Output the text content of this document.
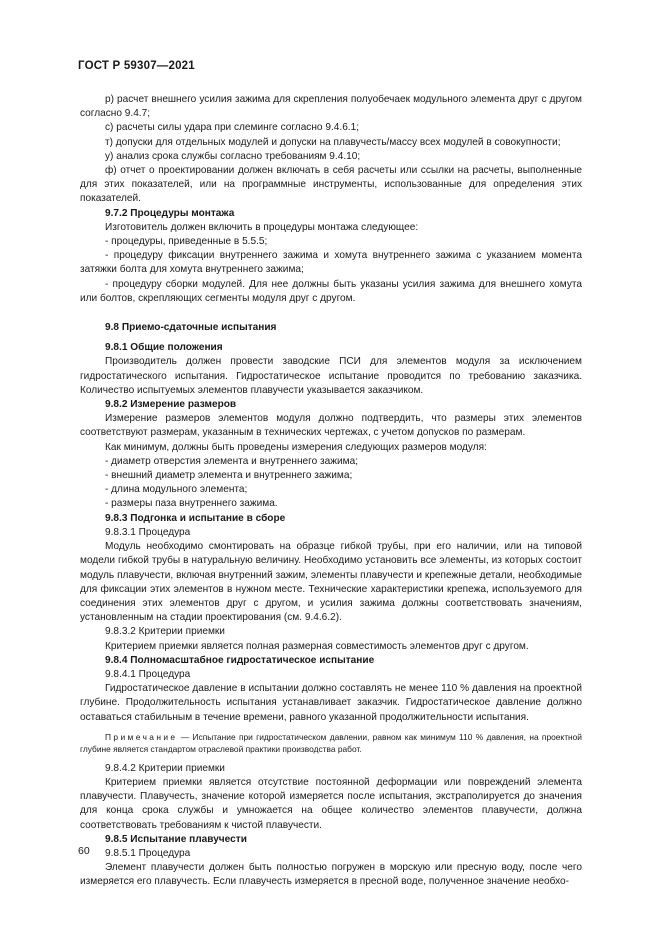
ГОСТ Р 59307—2021

р) расчет внешнего усилия зажима для скрепления полуобечаек модульного элемента друг с другом согласно 9.4.7;

с) расчеты силы удара при слеминге согласно 9.4.6.1;

т) допуски для отдельных модулей и допуски на плавучесть/массу всех модулей в совокупности;

у) анализ срока службы согласно требованиям 9.4.10;

ф) отчет о проектировании должен включать в себя расчеты или ссылки на расчеты, выполненные для этих показателей, или на программные инструменты, использованные для определения этих показателей.

9.7.2 Процедуры монтажа

Изготовитель должен включить в процедуры монтажа следующее:

- процедуры, приведенные в 5.5.5;

- процедуру фиксации внутреннего зажима и хомута внутреннего зажима с указанием момента затяжки болта для хомута внутреннего зажима;

- процедуру сборки модулей. Для нее должны быть указаны усилия зажима для внешнего хомута или болтов, скрепляющих сегменты модуля друг с другом.

9.8 Приемо-сдаточные испытания

9.8.1 Общие положения

Производитель должен провести заводские ПСИ для элементов модуля за исключением гидростатического испытания. Гидростатическое испытание проводится по требованию заказчика. Количество испытуемых элементов плавучести указывается заказчиком.

9.8.2 Измерение размеров

Измерение размеров элементов модуля должно подтвердить, что размеры этих элементов соответствуют размерам, указанным в технических чертежах, с учетом допусков по размерам.

Как минимум, должны быть проведены измерения следующих размеров модуля:

- диаметр отверстия элемента и внутреннего зажима;

- внешний диаметр элемента и внутреннего зажима;

- длина модульного элемента;

- размеры паза внутреннего зажима.

9.8.3 Подгонка и испытание в сборе

9.8.3.1 Процедура

Модуль необходимо смонтировать на образце гибкой трубы, при его наличии, или на типовой модели гибкой трубы в натуральную величину. Необходимо установить все элементы, из которых состоит модуль плавучести, включая внутренний зажим, элементы плавучести и крепежные детали, необходимые для фиксации этих элементов в нужном месте. Технические характеристики крепежа, используемого для соединения этих элементов друг с другом, и усилия зажима должны соответствовать значениям, установленным на стадии проектирования (см. 9.4.6.2).

9.8.3.2 Критерии приемки

Критерием приемки является полная размерная совместимость элементов друг с другом.

9.8.4 Полномасштабное гидростатическое испытание

9.8.4.1 Процедура

Гидростатическое давление в испытании должно составлять не менее 110 % давления на проектной глубине. Продолжительность испытания устанавливает заказчик. Гидростатическое давление должно оставаться стабильным в течение времени, равного указанной продолжительности испытания.

Примечание — Испытание при гидростатическом давлении, равном как минимум 110 % давления, на проектной глубине является стандартом отраслевой практики производства работ.

9.8.4.2 Критерии приемки

Критерием приемки является отсутствие постоянной деформации или повреждений элемента плавучести. Плавучесть, значение которой измеряется после испытания, экстраполируется до значения для конца срока службы и умножается на общее количество элементов плавучести, должна соответствовать требованиям к чистой плавучести.

9.8.5 Испытание плавучести

9.8.5.1 Процедура

Элемент плавучести должен быть полностью погружен в морскую или пресную воду, после чего измеряется его плавучесть. Если плавучесть измеряется в пресной воде, полученное значение необхо-

60
